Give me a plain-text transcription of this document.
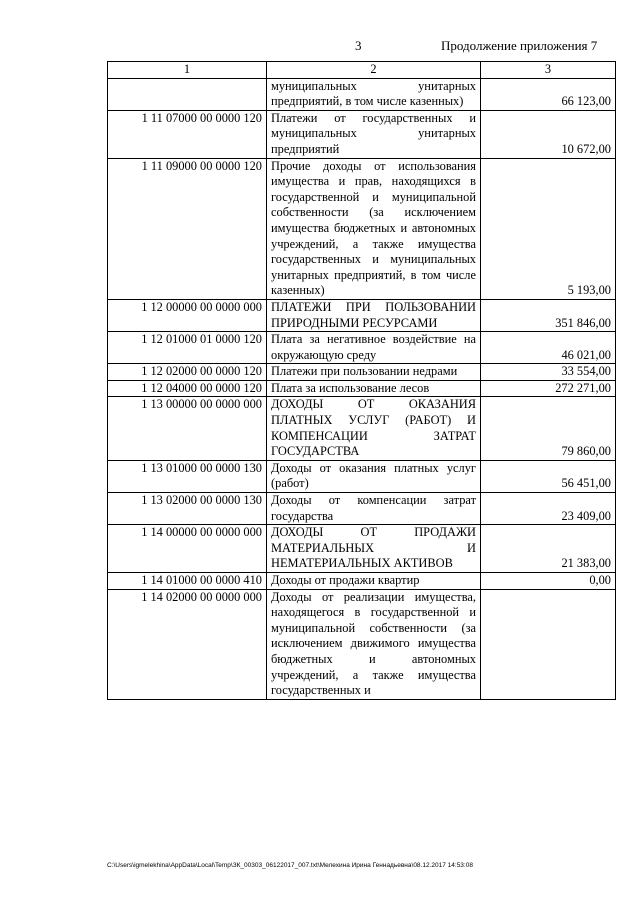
3	Продолжение приложения 7
1	2	3
	муниципальных унитарных предприятий, в том числе казенных)	66 123,00
1 11 07000 00 0000 120	Платежи от государственных и муниципальных унитарных предприятий	10 672,00
1 11 09000 00 0000 120	Прочие доходы от использования имущества и прав, находящихся в государственной и муниципальной собственности (за исключением имущества бюджетных и автономных учреждений, а также имущества государственных и муниципальных унитарных предприятий, в том числе казенных)	5 193,00
1 12 00000 00 0000 000	ПЛАТЕЖИ ПРИ ПОЛЬЗОВАНИИ ПРИРОДНЫМИ РЕСУРСАМИ	351 846,00
1 12 01000 01 0000 120	Плата за негативное воздействие на окружающую среду	46 021,00
1 12 02000 00 0000 120	Платежи при пользовании недрами	33 554,00
1 12 04000 00 0000 120	Плата за использование лесов	272 271,00
1 13 00000 00 0000 000	ДОХОДЫ ОТ ОКАЗАНИЯ ПЛАТНЫХ УСЛУГ (РАБОТ) И КОМПЕНСАЦИИ ЗАТРАТ ГОСУДАРСТВА	79 860,00
1 13 01000 00 0000 130	Доходы от оказания платных услуг (работ)	56 451,00
1 13 02000 00 0000 130	Доходы от компенсации затрат государства	23 409,00
1 14 00000 00 0000 000	ДОХОДЫ ОТ ПРОДАЖИ МАТЕРИАЛЬНЫХ И НЕМАТЕРИАЛЬНЫХ АКТИВОВ	21 383,00
1 14 01000 00 0000 410	Доходы от продажи квартир	0,00
1 14 02000 00 0000 000	Доходы от реализации имущества, находящегося в государственной и муниципальной собственности (за исключением движимого имущества бюджетных и автономных учреждений, а также имущества государственных и	
C:\Users\igmelekhina\AppData\Local\Temp\ЗК_00303_06122017_007.txt\Мелехина Ирина Геннадьевна\08.12.2017 14:53:08
